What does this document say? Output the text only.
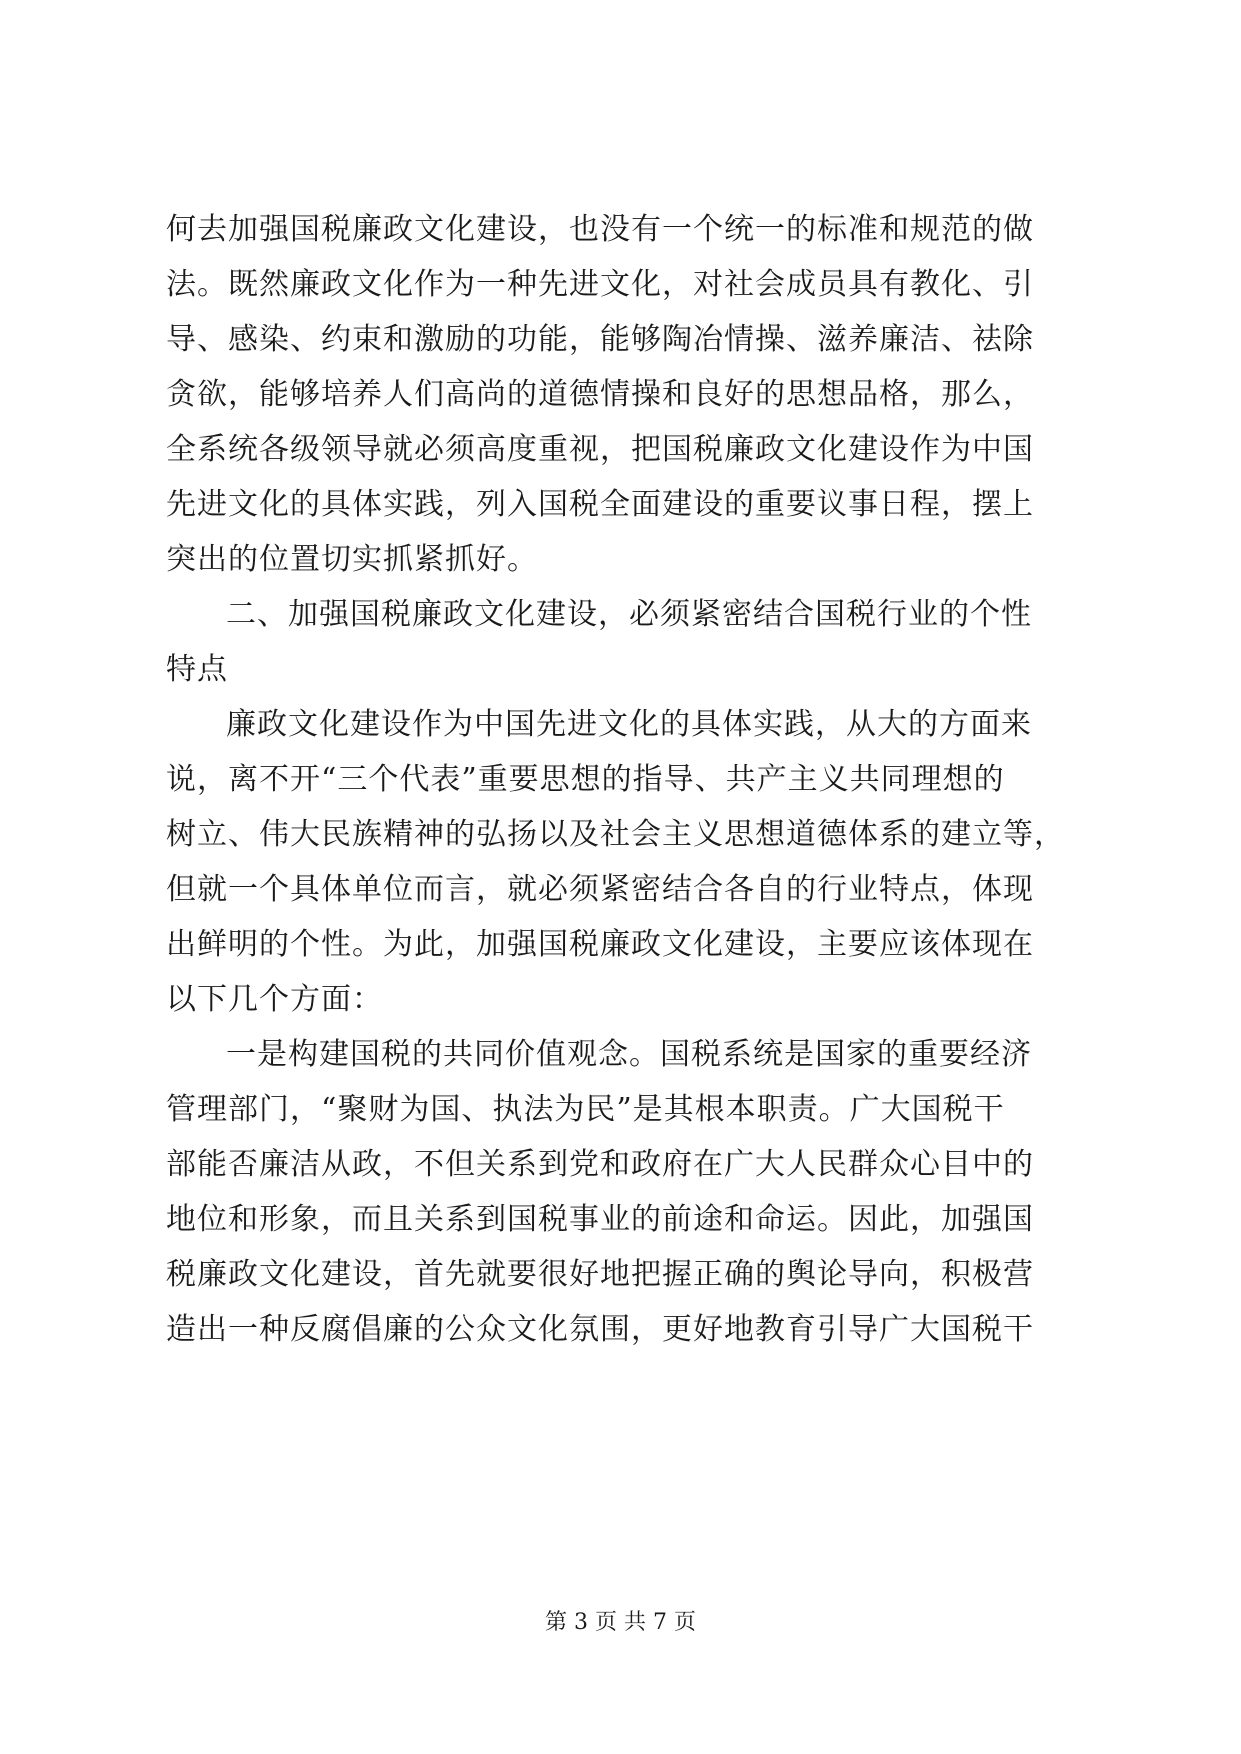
何去加强国税廉政文化建设，也没有一个统一的标准和规范的做
法。既然廉政文化作为一种先进文化，对社会成员具有教化、引
导、感染、约束和激励的功能，能够陶冶情操、滋养廉洁、祛除
贪欲，能够培养人们高尚的道德情操和良好的思想品格，那么，
全系统各级领导就必须高度重视，把国税廉政文化建设作为中国
先进文化的具体实践，列入国税全面建设的重要议事日程，摆上
突出的位置切实抓紧抓好。
二、加强国税廉政文化建设，必须紧密结合国税行业的个性
特点
廉政文化建设作为中国先进文化的具体实践，从大的方面来
说，离不开“三个代表”重要思想的指导、共产主义共同理想的
树立、伟大民族精神的弘扬以及社会主义思想道德体系的建立等，
但就一个具体单位而言，就必须紧密结合各自的行业特点，体现
出鲜明的个性。为此，加强国税廉政文化建设，主要应该体现在
以下几个方面：
一是构建国税的共同价值观念。国税系统是国家的重要经济
管理部门，“聚财为国、执法为民”是其根本职责。广大国税干
部能否廉洁从政，不但关系到党和政府在广大人民群众心目中的
地位和形象，而且关系到国税事业的前途和命运。因此，加强国
税廉政文化建设，首先就要很好地把握正确的舆论导向，积极营
造出一种反腐倡廉的公众文化氛围，更好地教育引导广大国税干
第 3 页 共 7 页
